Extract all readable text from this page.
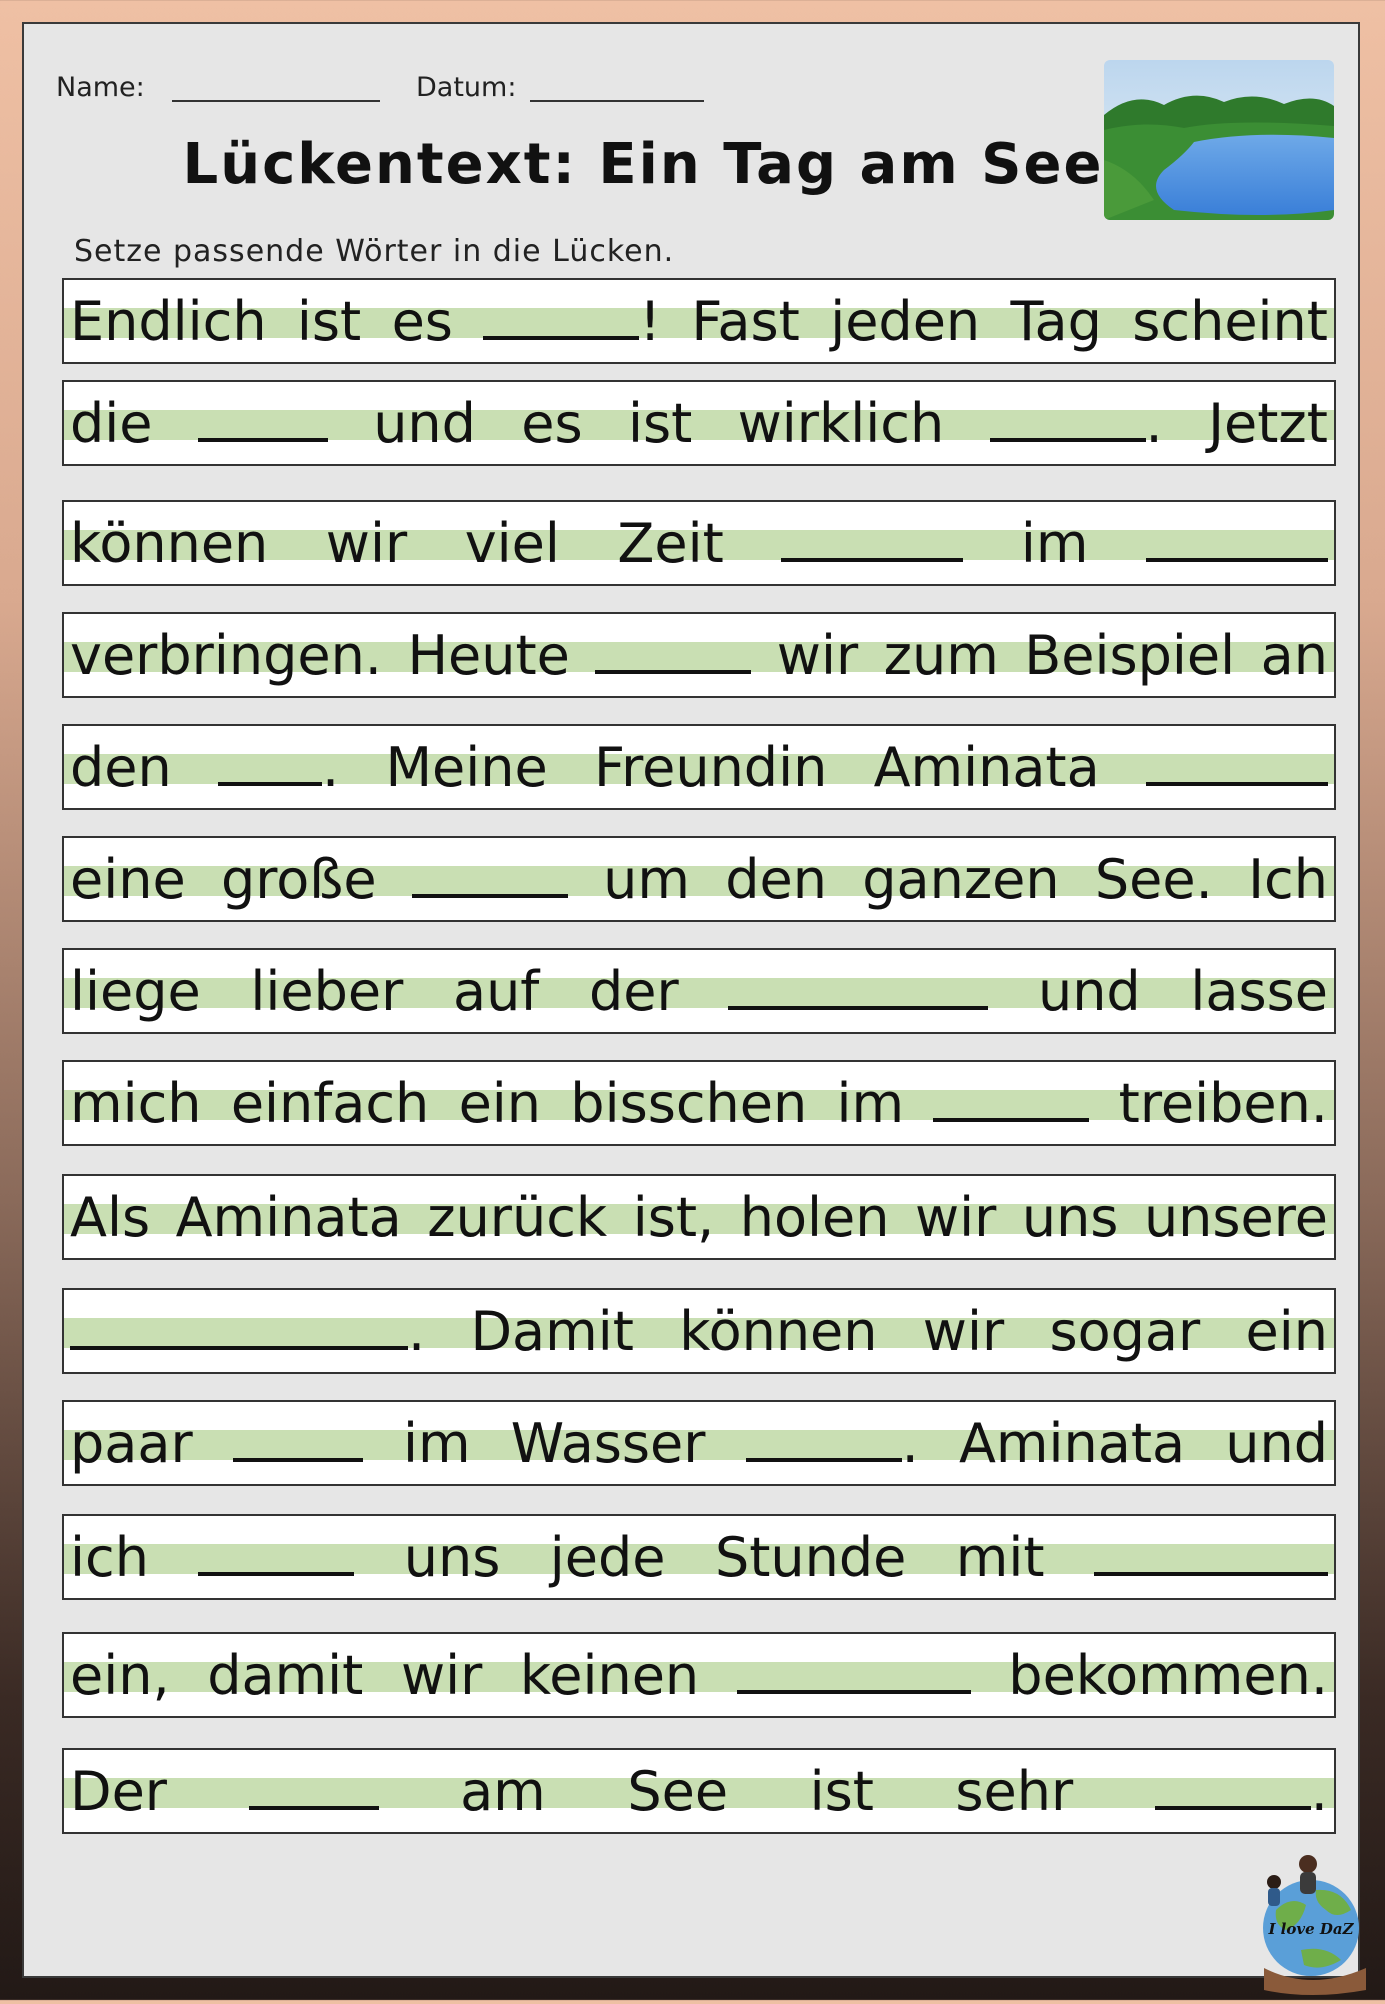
Name:	Datum:
Lückentext: Ein Tag am See
Setze passende Wörter in die Lücken.
Endlich ist es	! Fast jeden Tag scheint
die	und es ist wirklich	. Jetzt
können wir viel Zeit	im
verbringen. Heute	wir zum Beispiel an
den	. Meine Freundin Aminata
eine große	um den ganzen See. Ich
liege lieber auf der	und lasse
mich einfach ein bisschen im	treiben.
Als Aminata zurück ist, holen wir uns unsere
. Damit können wir sogar ein
paar	im Wasser	. Aminata und
ich	uns jede Stunde mit
ein, damit wir keinen	bekommen.
Der	am See ist sehr	.
I love DaZ
